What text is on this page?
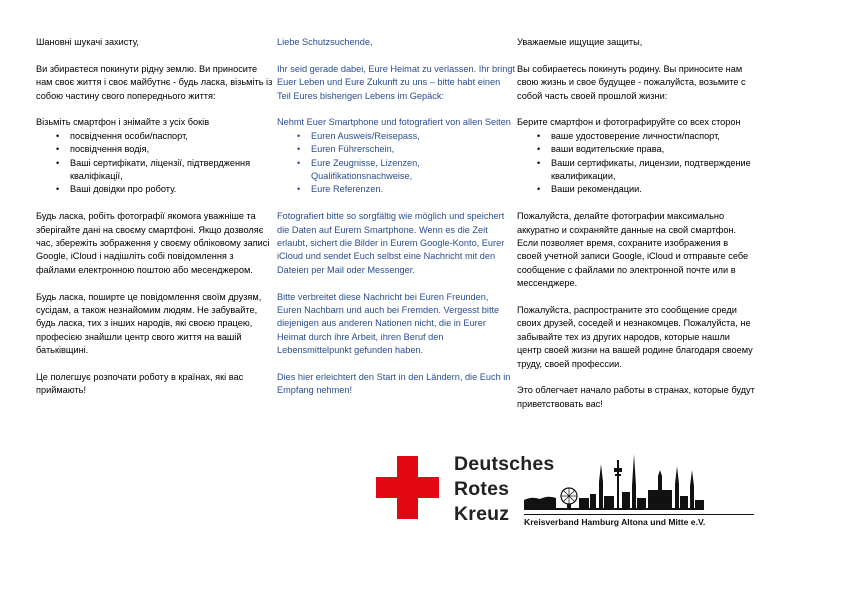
Шановні шукачі захисту,

Ви збираєтеся покинути рідну землю. Ви приносите нам своє життя і своє майбутнє - будь ласка, візьміть із собою частину свого попереднього життя:

Візьміть смартфон і знімайте з усіх боків

• посвідчення особи/паспорт,
• посвідчення водія,
• Ваші сертифікати, ліцензії, підтвердження кваліфікації,
• Ваші довідки про роботу.

Будь ласка, робіть фотографії якомога уважніше та зберігайте дані на своєму смартфоні. Якщо дозволяє час, збережіть зображення у своєму обліковому записі Google, iCloud і надішліть собі повідомлення з файлами електронною поштою або месенджером.

Будь ласка, поширте це повідомлення своїм друзям, сусідам, а також незнайомим людям. Не забувайте, будь ласка, тих з інших народів, які своєю працею, професією знайшли центр свого життя на вашій батьківщині.

Це полегшує розпочати роботу в країнах, які вас приймають!

Liebe Schutzsuchende,

Ihr seid gerade dabei, Eure Heimat zu verlassen. Ihr bringt Euer Leben und Eure Zukunft zu uns – bitte habt einen Teil Eures bisherigen Lebens im Gepäck:

Nehmt Euer Smartphone und fotografiert von allen Seiten

• Euren Ausweis/Reisepass,
• Euren Führerschein,
• Eure Zeugnisse, Lizenzen, Qualifikationsnachweise,
• Eure Referenzen.

Fotografiert bitte so sorgfältig wie möglich und speichert die Daten auf Eurem Smartphone. Wenn es die Zeit erlaubt, sichert die Bilder in Eurem Google-Konto, Eurer iCloud und sendet Euch selbst eine Nachricht mit den Dateien per Mail oder Messenger.

Bitte verbreitet diese Nachricht bei Euren Freunden, Euren Nachbarn und auch bei Fremden. Vergesst bitte diejenigen aus anderen Nationen nicht, die in Eurer Heimat durch ihre Arbeit, ihren Beruf den Lebensmittelpunkt gefunden haben.

Dies hier erleichtert den Start in den Ländern, die Euch in Empfang nehmen!

Уважаемые ищущие защиты,

Вы собираетесь покинуть родину. Вы приносите нам свою жизнь и свое будущее - пожалуйста, возьмите с собой часть своей прошлой жизни:

Берите смартфон и фотографируйте со всех сторон

• ваше удостоверение личности/паспорт,
• ваши водительские права,
• Ваши сертификаты, лицензии, подтверждение квалификации,
• Ваши рекомендации.

Пожалуйста, делайте фотографии максимально аккуратно и сохраняйте данные на свой смартфон. Если позволяет время, сохраните изображения в своей учетной записи Google, iCloud и отправьте себе сообщение с файлами по электронной почте или в мессенджере.

Пожалуйста, распространите это сообщение среди своих друзей, соседей и незнакомцев. Пожалуйста, не забывайте тех из других народов, которые нашли центр своей жизни на вашей родине благодаря своему труду, своей профессии.

Это облегчает начало работы в странах, которые будут приветствовать вас!

Deutsches
Rotes
Kreuz Kreisverband Hamburg Altona und Mitte e.V.
